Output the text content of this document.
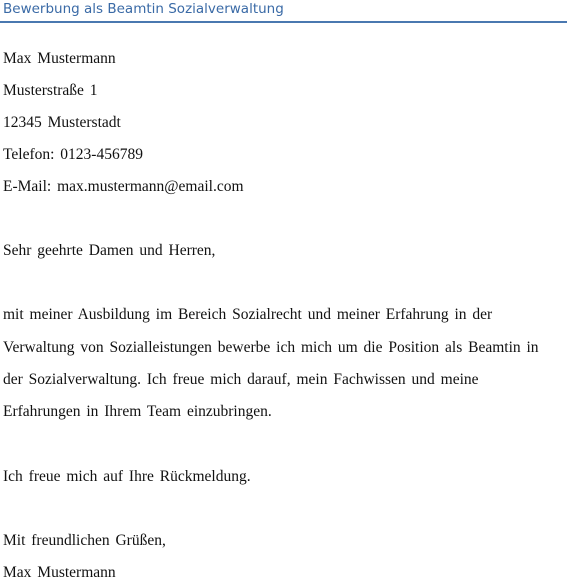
Bewerbung als Beamtin Sozialverwaltung
Max Mustermann
Musterstraße 1
12345 Musterstadt
Telefon: 0123-456789
E-Mail: max.mustermann@email.com
Sehr geehrte Damen und Herren,
mit meiner Ausbildung im Bereich Sozialrecht und meiner Erfahrung in der
Verwaltung von Sozialleistungen bewerbe ich mich um die Position als Beamtin in
der Sozialverwaltung. Ich freue mich darauf, mein Fachwissen und meine
Erfahrungen in Ihrem Team einzubringen.
Ich freue mich auf Ihre Rückmeldung.
Mit freundlichen Grüßen,
Max Mustermann
